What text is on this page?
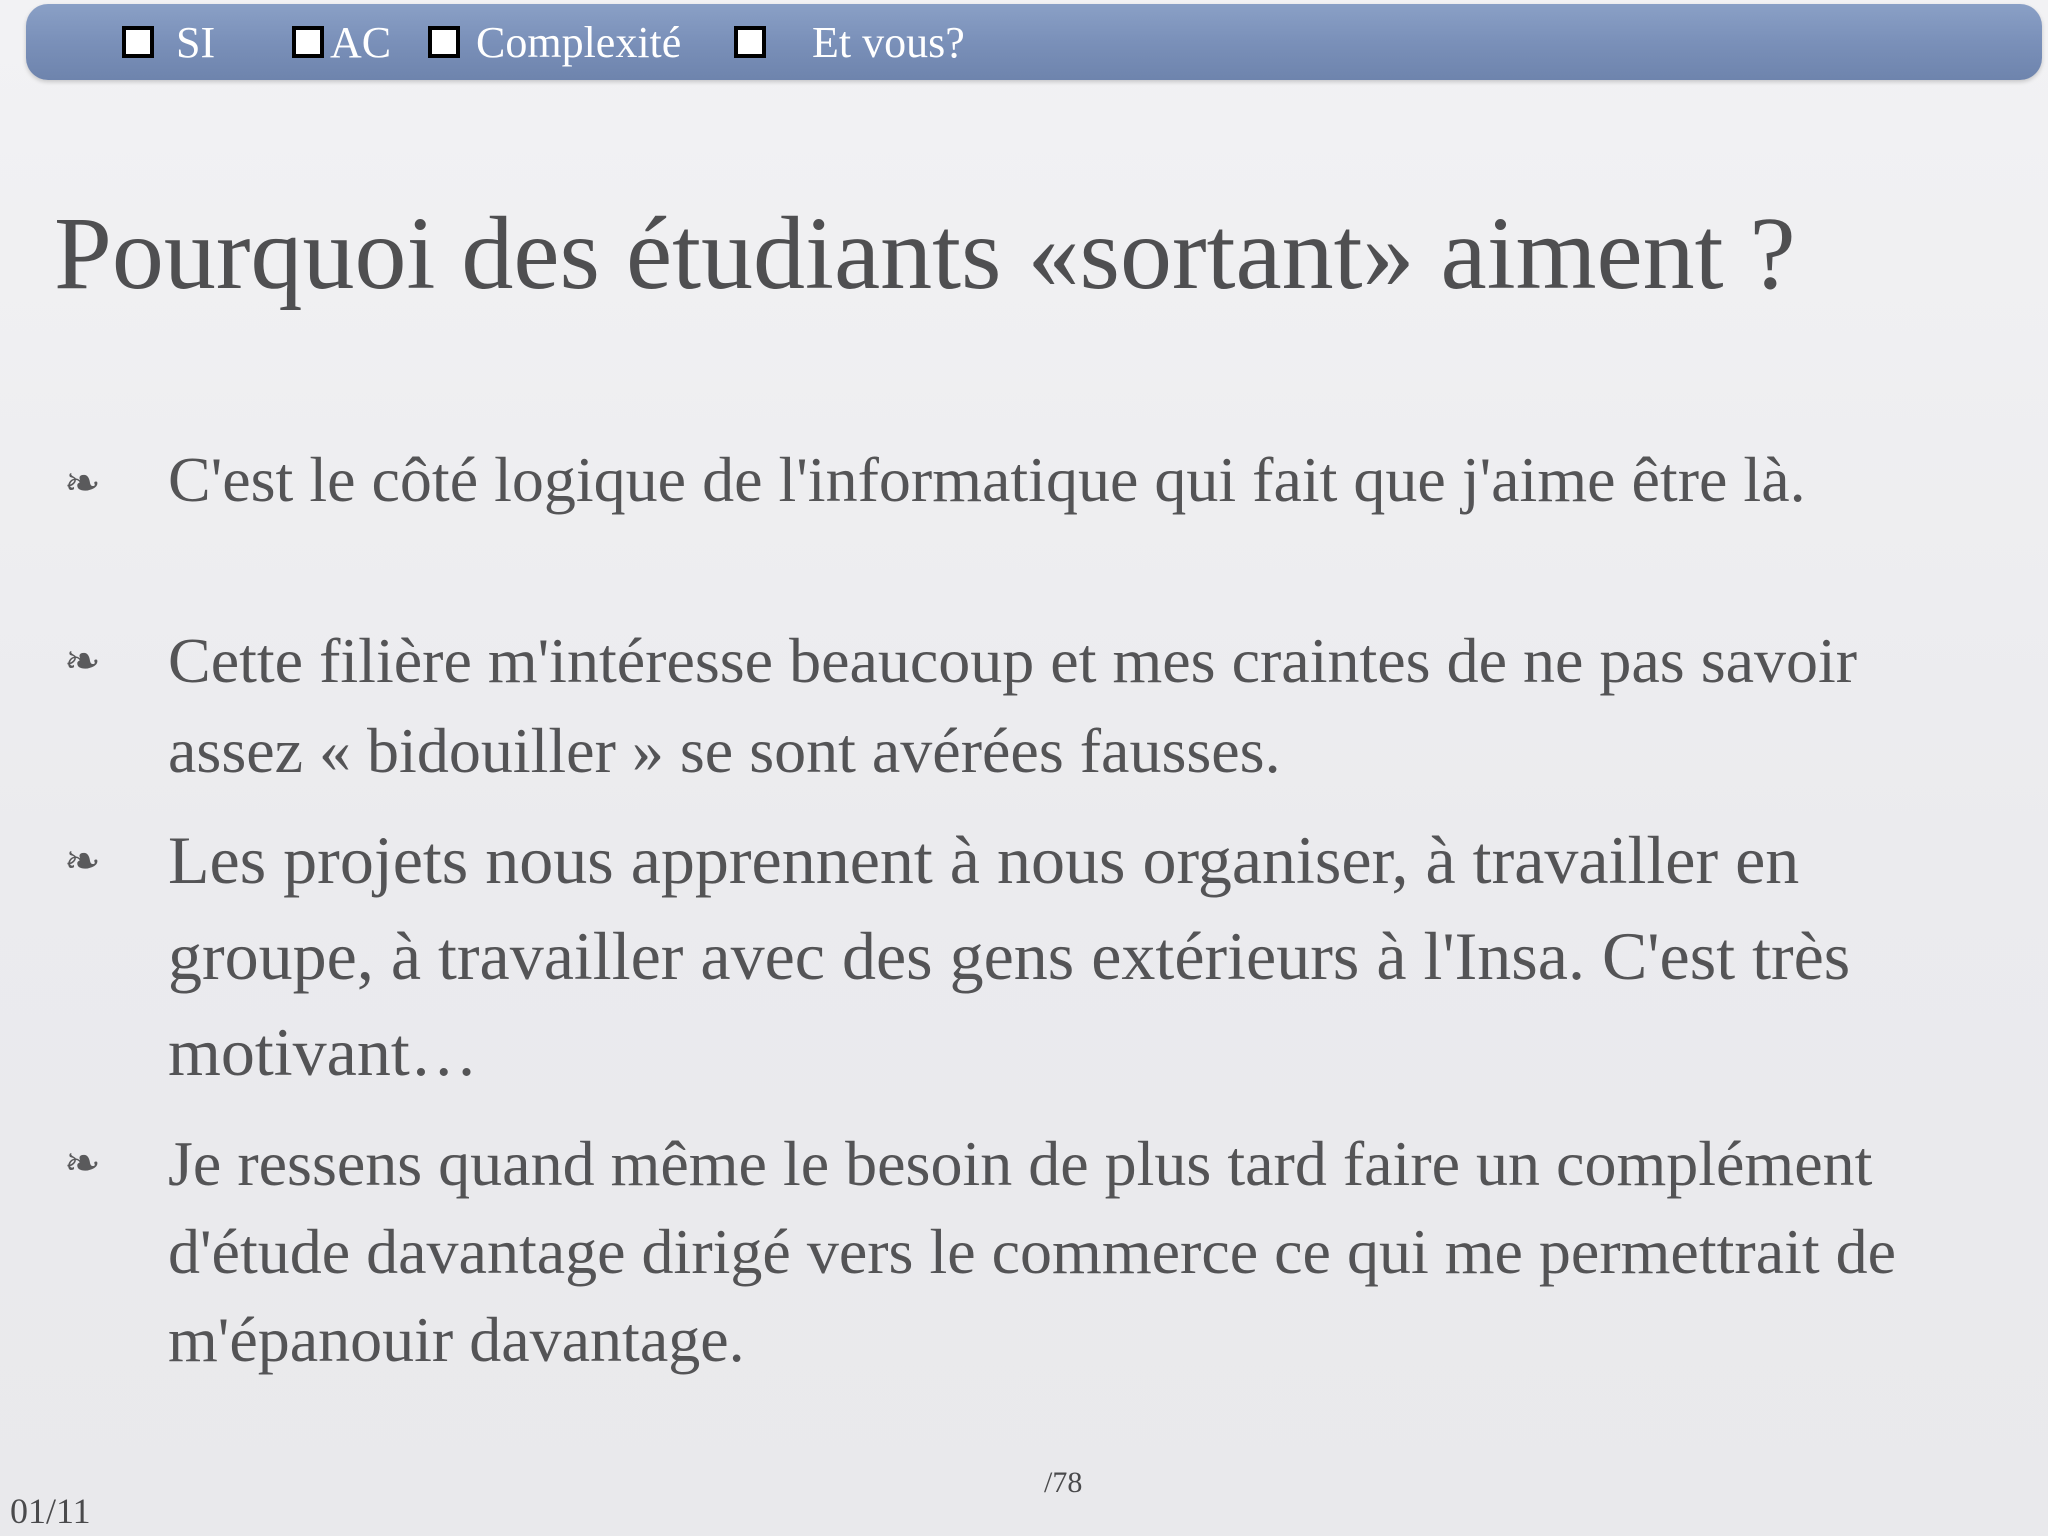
SI	AC Complexité	Et vous?
Pourquoi des étudiants «sortant» aiment ?
❧ C'est le côté logique de l'informatique qui fait que j'aime être là.
❧ Cette filière m'intéresse beaucoup et mes craintes de ne pas savoir assez « bidouiller » se sont avérées fausses.
❧ Les projets nous apprennent à nous organiser, à travailler en groupe, à travailler avec des gens extérieurs à l'Insa. C'est très motivant…
❧ Je ressens quand même le besoin de plus tard faire un complément d'étude davantage dirigé vers le commerce ce qui me permettrait de m'épanouir davantage.
/78
01/11
